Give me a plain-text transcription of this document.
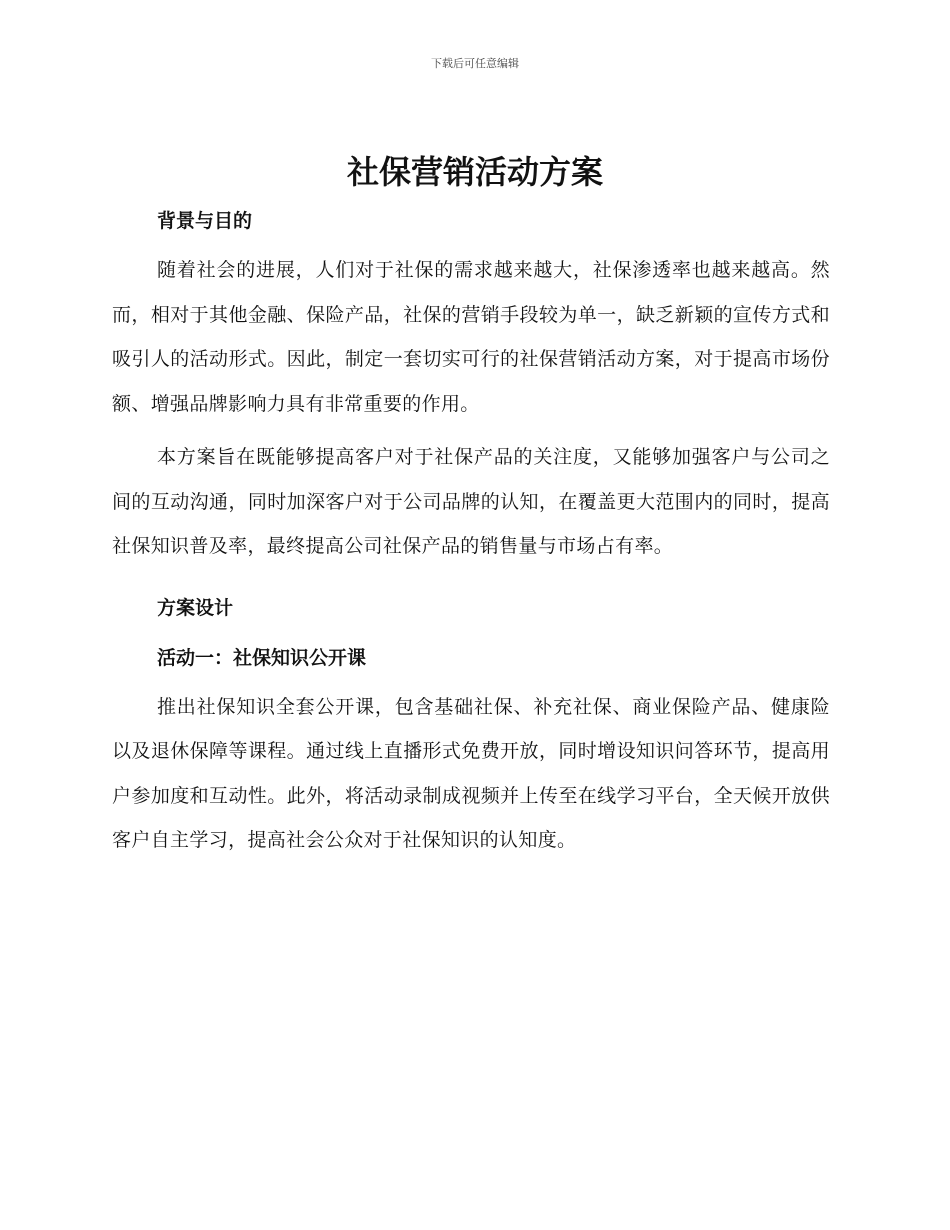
下载后可任意编辑
社保营销活动方案
背景与目的

随着社会的进展，人们对于社保的需求越来越大，社保渗透率也越来越高。然而，相对于其他金融、保险产品，社保的营销手段较为单一，缺乏新颖的宣传方式和吸引人的活动形式。因此，制定一套切实可行的社保营销活动方案，对于提高市场份额、增强品牌影响力具有非常重要的作用。

本方案旨在既能够提高客户对于社保产品的关注度，又能够加强客户与公司之间的互动沟通，同时加深客户对于公司品牌的认知，在覆盖更大范围内的同时，提高社保知识普及率，最终提高公司社保产品的销售量与市场占有率。

方案设计
活动一：社保知识公开课

推出社保知识全套公开课，包含基础社保、补充社保、商业保险产品、健康险以及退休保障等课程。通过线上直播形式免费开放，同时增设知识问答环节，提高用户参加度和互动性。此外，将活动录制成视频并上传至在线学习平台，全天候开放供客户自主学习，提高社会公众对于社保知识的认知度。
